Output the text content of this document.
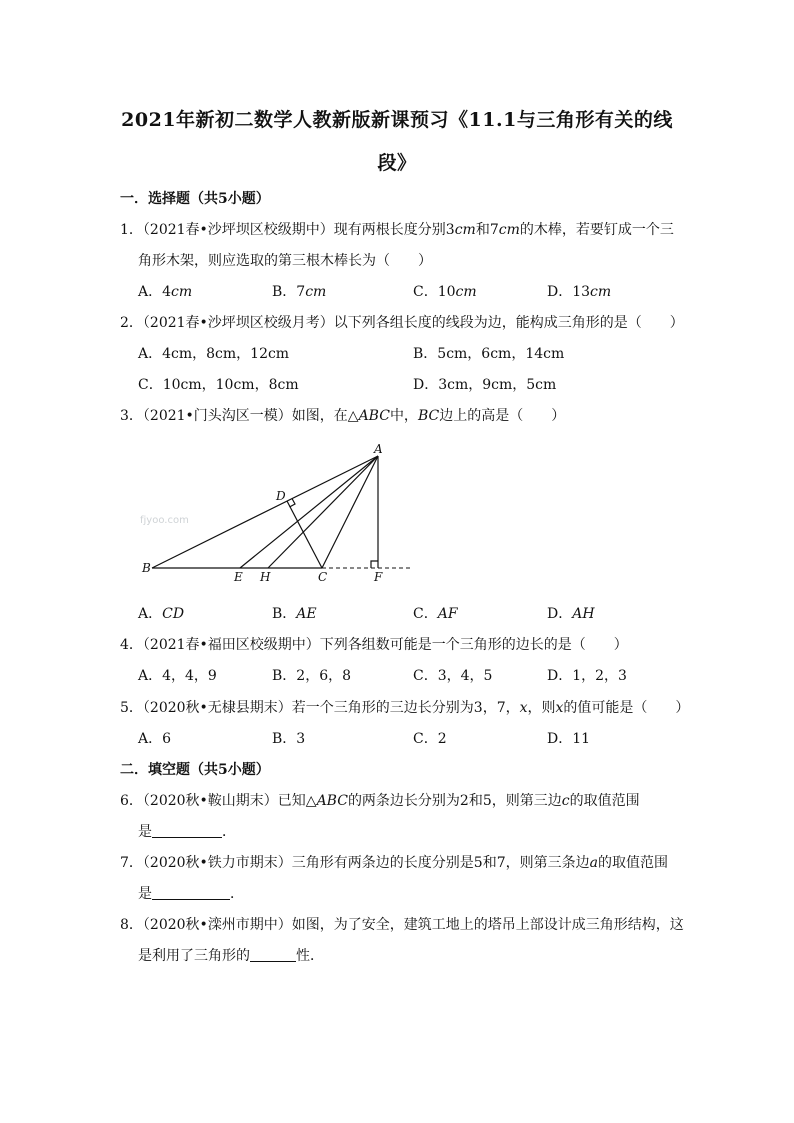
2021年新初二数学人教新版新课预习《11.1与三角形有关的线
段》
一．选择题（共5小题）
1．（2021春•沙坪坝区校级期中）现有两根长度分别3cm和7cm的木棒，若要钉成一个三
角形木架，则应选取的第三根木棒长为（　　）
A．4cm	B．7cm	C．10cm	D．13cm
2．（2021春•沙坪坝区校级月考）以下列各组长度的线段为边，能构成三角形的是（　　）
A．4cm，8cm，12cm	B．5cm，6cm，14cm
C．10cm，10cm，8cm	D．3cm，9cm，5cm
3．（2021•门头沟区一模）如图，在△ABC中，BC边上的高是（　　）
fjyoo.com
A
B
C
D
E H	F
A．CD	B．AE	C．AF	D．AH
4．（2021春•福田区校级期中）下列各组数可能是一个三角形的边长的是（　　）
A．4，4，9	B．2，6，8	C．3，4，5	D．1，2，3
5．（2020秋•无棣县期末）若一个三角形的三边长分别为3，7，x，则x的值可能是（　　）
A．6	B．3	C．2	D．11
二．填空题（共5小题）
6．（2020秋•鞍山期末）已知△ABC的两条边长分别为2和5，则第三边c的取值范围
是	．
7．（2020秋•铁力市期末）三角形有两条边的长度分别是5和7，则第三条边a的取值范围
是	．
8．（2020秋•滦州市期中）如图，为了安全，建筑工地上的塔吊上部设计成三角形结构，这
是利用了三角形的	性．
